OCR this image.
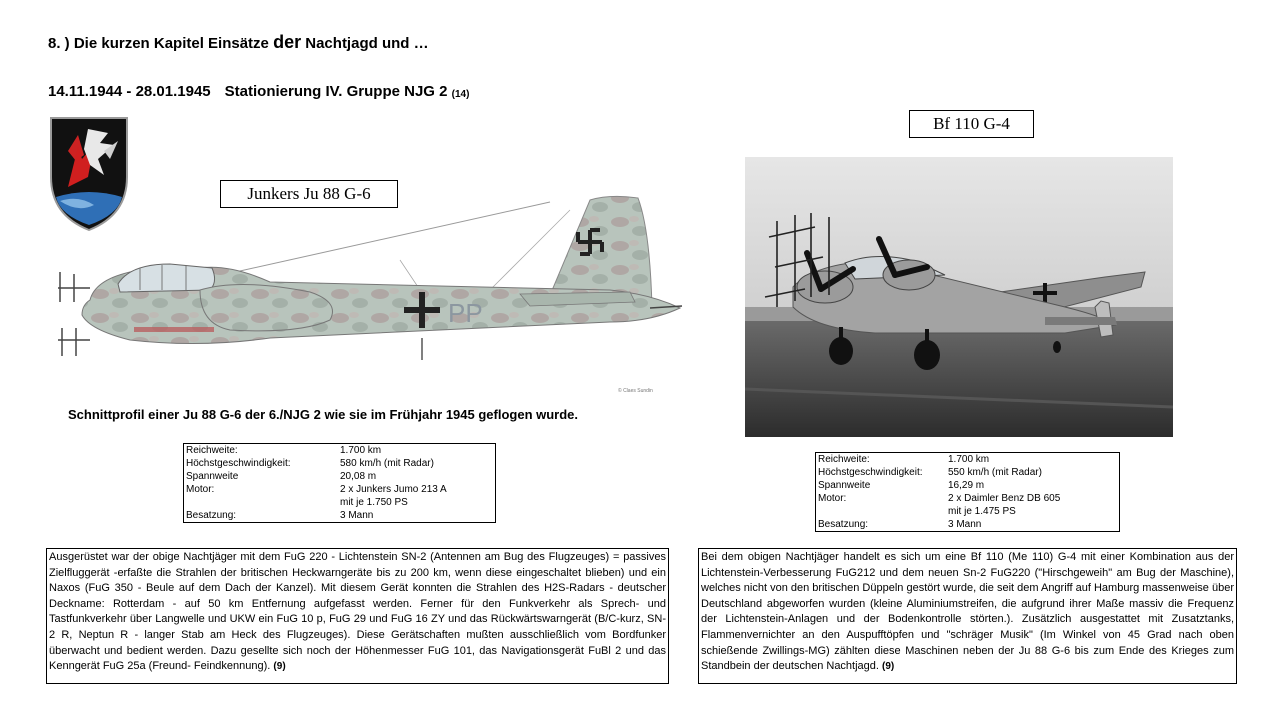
8. ) Die kurzen Kapitel Einsätze der Nachtjagd und …
14.11.1944 - 28.01.1945 Stationierung IV. Gruppe NJG 2 $^{(14)}$
Junkers Ju 88 G-6
PP
© Claes Sundin
Schnittprofil einer Ju 88 G-6 der 6./NJG 2 wie sie im Frühjahr 1945 geflogen wurde.
Reichweite:	1.700 km
Höchstgeschwindigkeit:	580 km/h (mit Radar)
Spannweite	20,08 m
Motor:	2 x Junkers Jumo 213 A
	mit je 1.750 PS
Besatzung:	3 Mann
Ausgerüstet war der obige Nachtjäger mit dem FuG 220 - Lichtenstein SN-2 (Antennen am Bug des Flugzeuges) = passives Zielfluggerät -erfaßte die Strahlen der britischen Heckwarngeräte bis zu 200 km, wenn diese eingeschaltet blieben) und ein Naxos (FuG 350 - Beule auf dem Dach der Kanzel). Mit diesem Gerät konnten die Strahlen des H2S-Radars - deutscher Deckname: Rotterdam - auf 50 km Entfernung aufgefasst werden. Ferner für den Funkverkehr als Sprech- und Tastfunkverkehr über Langwelle und UKW ein FuG 10 p, FuG 29 und FuG 16 ZY und das Rückwärtswarngerät (B/C-kurz, SN-2 R, Neptun R - langer Stab am Heck des Flugzeuges). Diese Gerätschaften mußten ausschließlich vom Bordfunker überwacht und bedient werden. Dazu gesellte sich noch der Höhenmesser FuG 101, das Navigationsgerät FuBl 2 und das Kenngerät FuG 25a (Freund- Feindkennung). (9)
Bf 110 G-4
Reichweite:	1.700 km
Höchstgeschwindigkeit:	550 km/h (mit Radar)
Spannweite	16,29 m
Motor:	2 x Daimler Benz DB 605
	mit je 1.475 PS
Besatzung:	3 Mann
Bei dem obigen Nachtjäger handelt es sich um eine Bf 110 (Me 110) G-4 mit einer Kombination aus der Lichtenstein-Verbesserung FuG212 und dem neuen Sn-2 FuG220 ("Hirschgeweih" am Bug der Maschine), welches nicht von den britischen Düppeln gestört wurde, die seit dem Angriff auf Hamburg massenweise über Deutschland abgeworfen wurden (kleine Aluminiumstreifen, die aufgrund ihrer Maße massiv die Frequenz der Lichtenstein-Anlagen und der Bodenkontrolle störten.). Zusätzlich ausgestattet mit Zusatztanks, Flammenvernichter an den Auspufftöpfen und "schräger Musik" (Im Winkel von 45 Grad nach oben schießende Zwillings-MG) zählten diese Maschinen neben der Ju 88 G-6 bis zum Ende des Krieges zum Standbein der deutschen Nachtjagd. (9)
